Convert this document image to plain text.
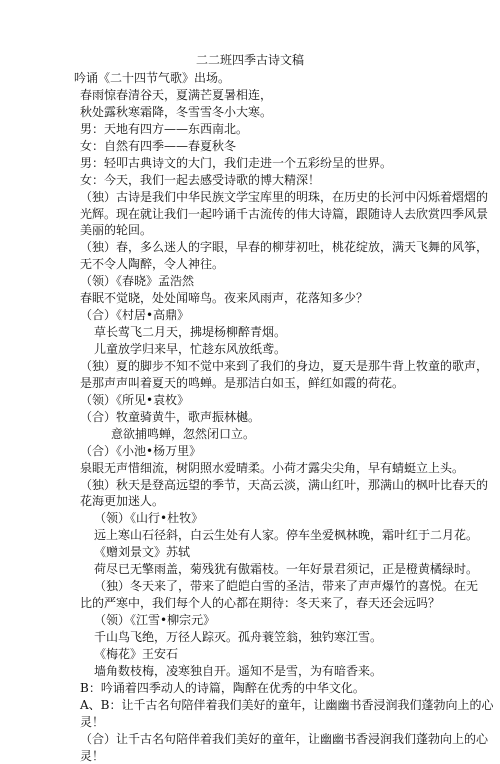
二二班四季古诗文稿
吟诵《二十四节气歌》出场。
春雨惊春清谷天，夏满芒夏暑相连，
秋处露秋寒霜降，冬雪雪冬小大寒。
男：天地有四方——东西南北。
女：自然有四季——春夏秋冬
男：轻叩古典诗文的大门，我们走进一个五彩纷呈的世界。
女：今天，我们一起去感受诗歌的博大精深！
（独）古诗是我们中华民族文学宝库里的明珠，在历史的长河中闪烁着熠熠的
光辉。现在就让我们一起吟诵千古流传的伟大诗篇，跟随诗人去欣赏四季风景
美丽的轮回。
（独）春，多么迷人的字眼，早春的柳芽初吐，桃花绽放，满天飞舞的风筝，
无不令人陶醉，令人神往。
（领）《春晓》孟浩然
春眠不觉晓，处处闻啼鸟。夜来风雨声，花落知多少？
（合）《村居•高鼎》
草长莺飞二月天，拂堤杨柳醉青烟。
儿童放学归来早，忙趁东风放纸鸢。
（独）夏的脚步不知不觉中来到了我们的身边，夏天是那牛背上牧童的歌声，
是那声声叫着夏天的鸣蝉。是那洁白如玉，鲜红如霞的荷花。
（领）《所见•袁枚》
（合）牧童骑黄牛，歌声振林樾。
意欲捕鸣蝉，忽然闭口立。
（合）《小池•杨万里》
泉眼无声惜细流，树阴照水爱晴柔。小荷才露尖尖角，早有蜻蜓立上头。
（独）秋天是登高远望的季节，天高云淡，满山红叶，那满山的枫叶比春天的
花海更加迷人。
（领）《山行•杜牧》
远上寒山石径斜，白云生处有人家。停车坐爱枫林晚，霜叶红于二月花。
《赠刘景文》苏轼
荷尽已无擎雨盖，菊残犹有傲霜枝。一年好景君须记，正是橙黄橘绿时。
（独）冬天来了，带来了皑皑白雪的圣洁，带来了声声爆竹的喜悦。在无
比的严寒中，我们每个人的心都在期待：冬天来了，春天还会远吗？
（领）《江雪•柳宗元》
千山鸟飞绝，万径人踪灭。孤舟蓑笠翁，独钓寒江雪。
《梅花》王安石
墙角数枝梅，凌寒独自开。遥知不是雪，为有暗香来。
B：吟诵着四季动人的诗篇，陶醉在优秀的中华文化。
A、B：让千古名句陪伴着我们美好的童年，让幽幽书香浸润我们蓬勃向上的心
灵！
（合）让千古名句陪伴着我们美好的童年，让幽幽书香浸润我们蓬勃向上的心
灵！
